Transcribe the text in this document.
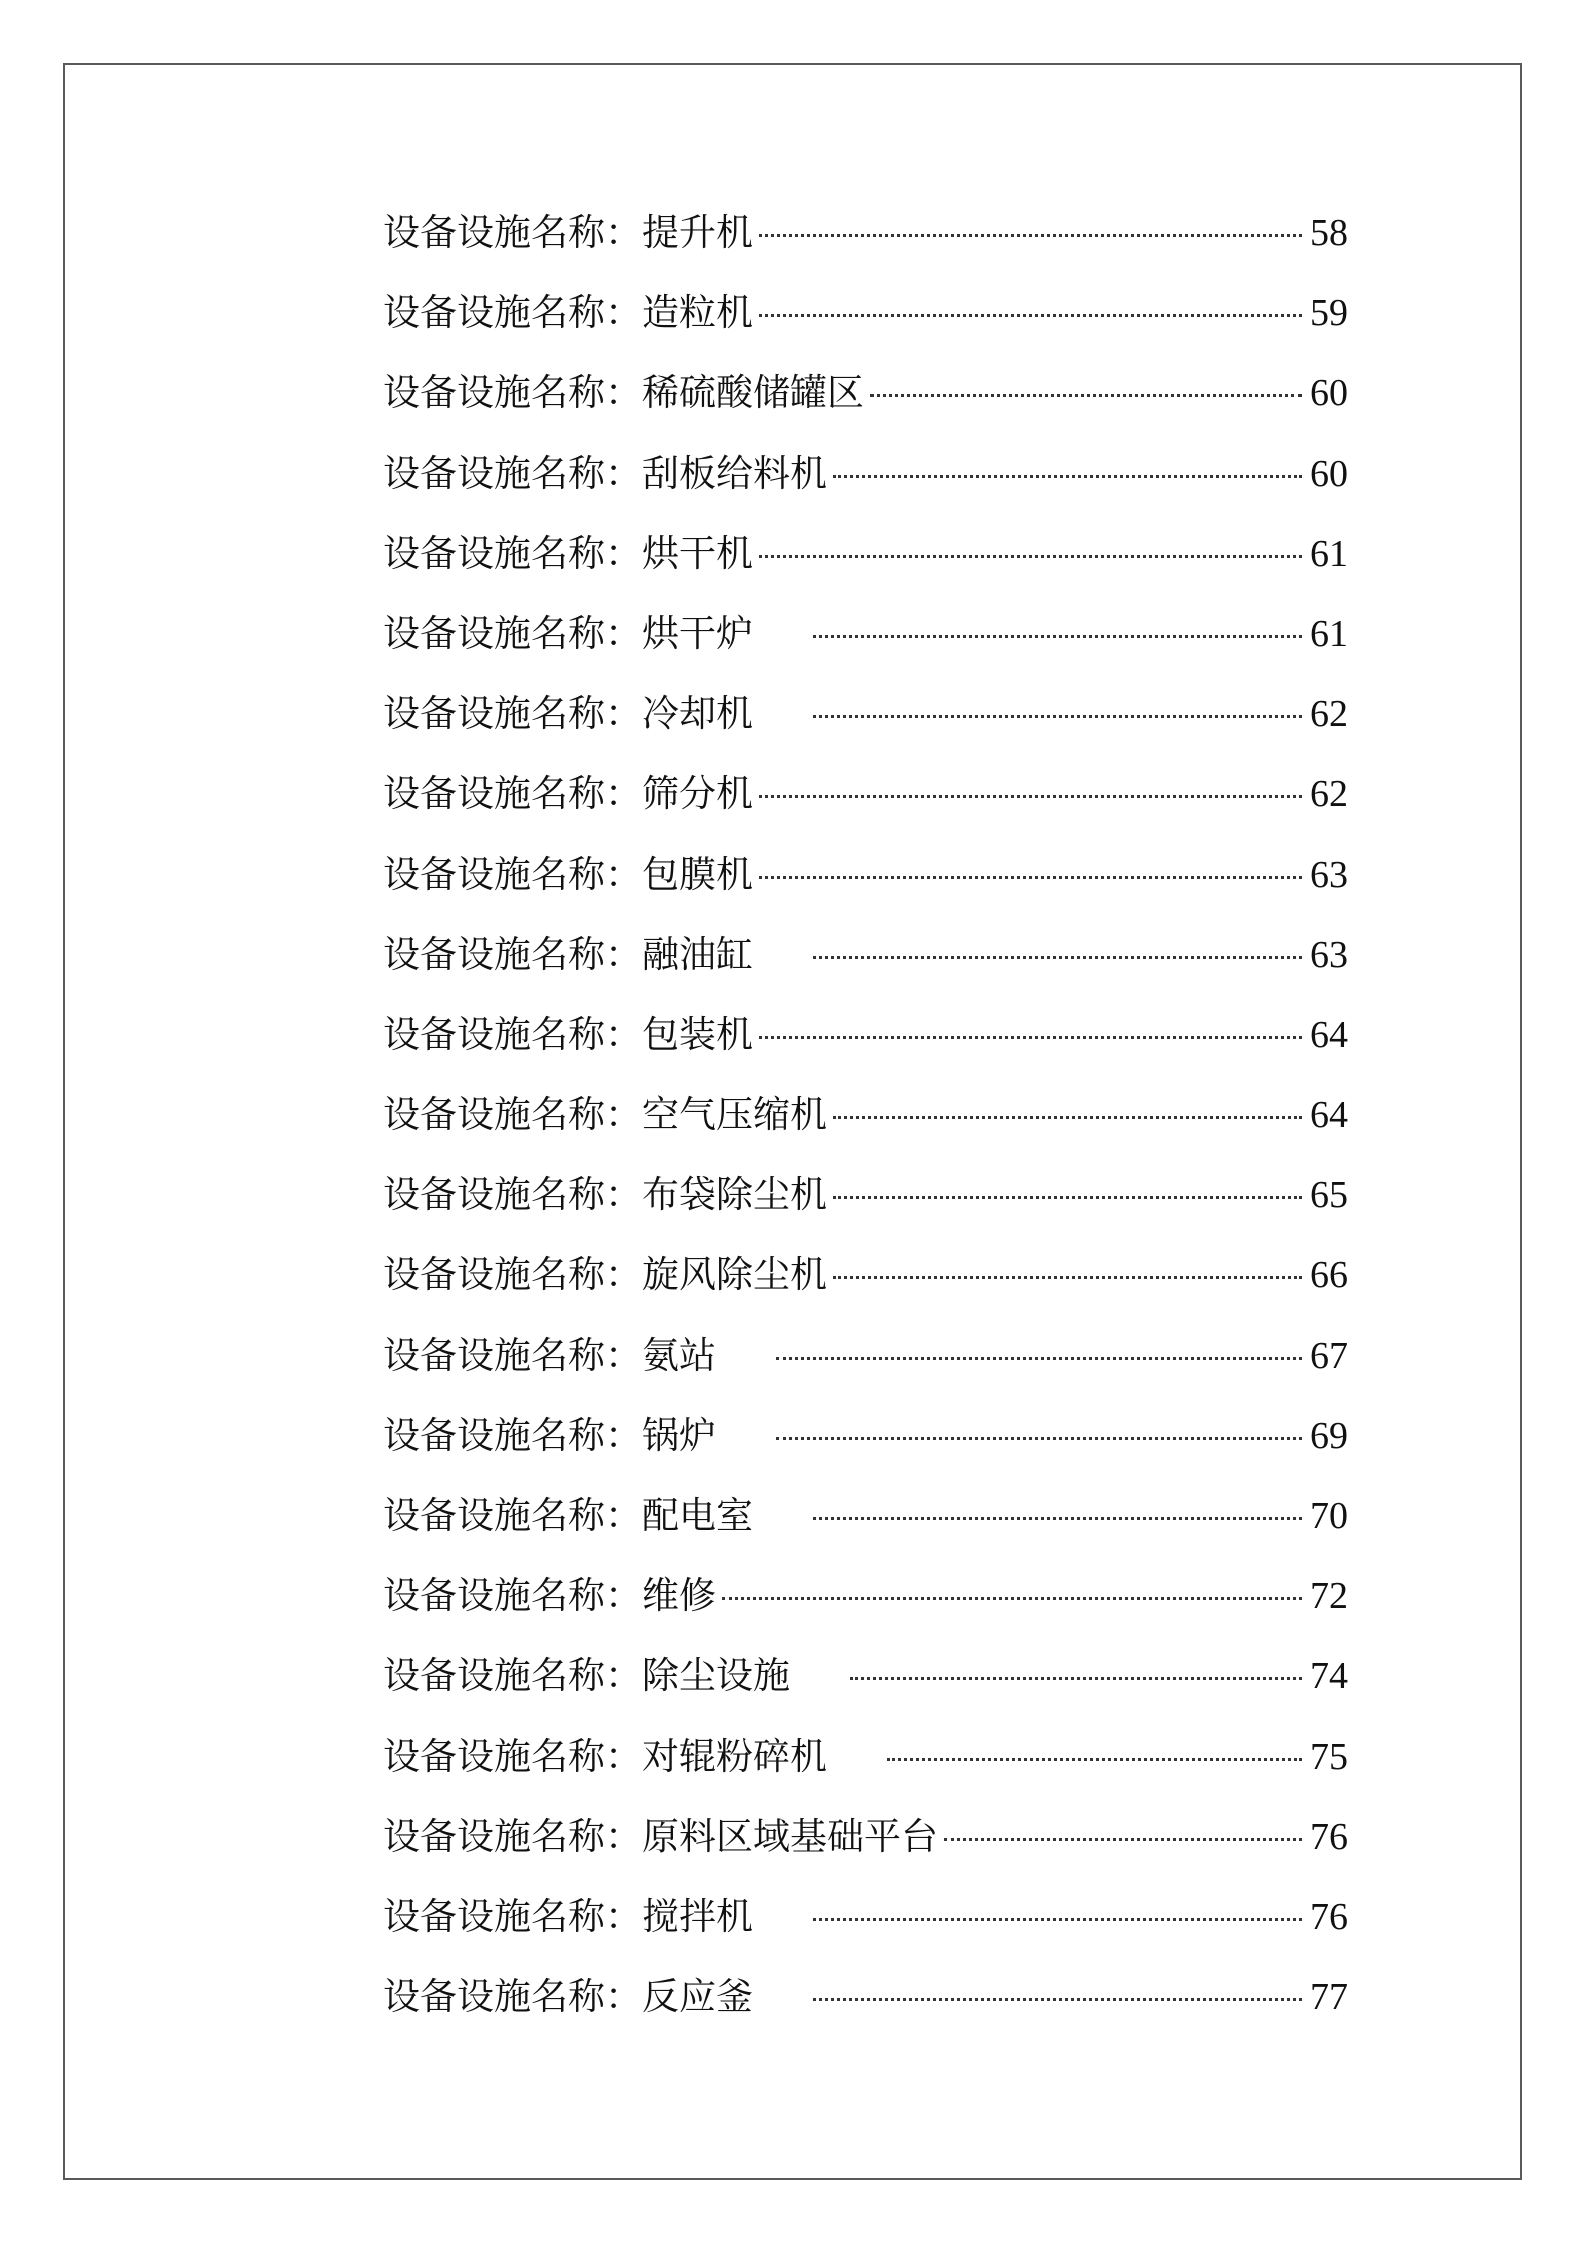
设备设施名称： 提升机	58
设备设施名称： 造粒机	59
设备设施名称： 稀硫酸储罐区	60
设备设施名称： 刮板给料机	60
设备设施名称： 烘干机	61
设备设施名称： 烘干炉	61
设备设施名称： 冷却机	62
设备设施名称： 筛分机	62
设备设施名称： 包膜机	63
设备设施名称： 融油缸	63
设备设施名称： 包装机	64
设备设施名称： 空气压缩机	64
设备设施名称： 布袋除尘机	65
设备设施名称： 旋风除尘机	66
设备设施名称： 氨站	67
设备设施名称： 锅炉	69
设备设施名称： 配电室	70
设备设施名称： 维修	72
设备设施名称： 除尘设施	74
设备设施名称： 对辊粉碎机	75
设备设施名称： 原料区域基础平台	76
设备设施名称： 搅拌机	76
设备设施名称： 反应釜	77
